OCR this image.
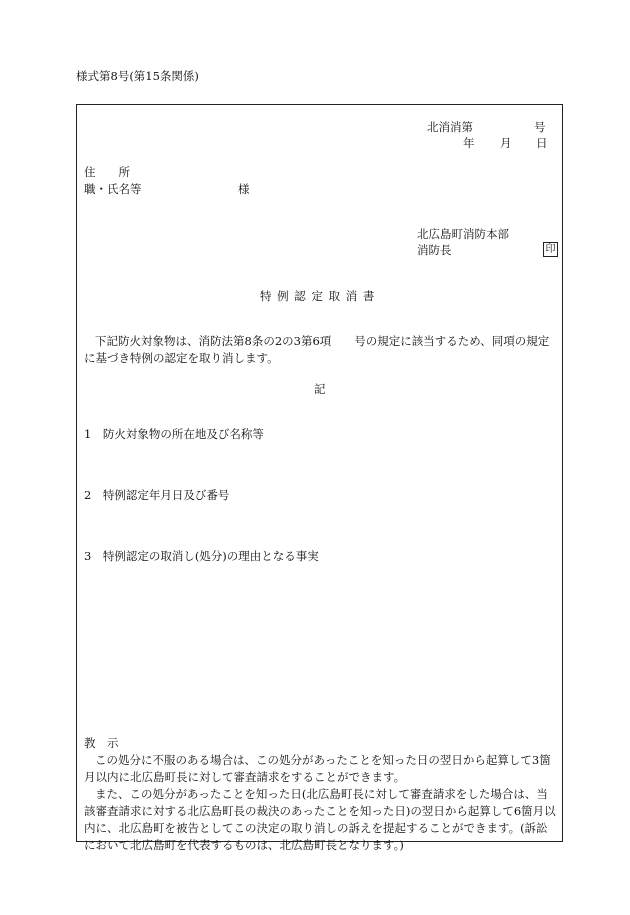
様式第8号(第15条関係)
北消消第	号
年 月 日
住　　所
職・氏名等	様
北広島町消防本部
消防長	印
特 例 認 定 取 消 書
下記防火対象物は、消防法第8条の2の3第6項　　号の規定に該当するため、同項の規定に基づき特例の認定を取り消します。
記
1　防火対象物の所在地及び名称等
2　特例認定年月日及び番号
3　特例認定の取消し(処分)の理由となる事実
教　示
この処分に不服のある場合は、この処分があったことを知った日の翌日から起算して3箇月以内に北広島町長に対して審査請求をすることができます。
また、この処分があったことを知った日(北広島町長に対して審査請求をした場合は、当該審査請求に対する北広島町長の裁決のあったことを知った日)の翌日から起算して6箇月以内に、北広島町を被告としてこの決定の取り消しの訴えを提起することができます。(訴訟において北広島町を代表するものは、北広島町長となります。)
